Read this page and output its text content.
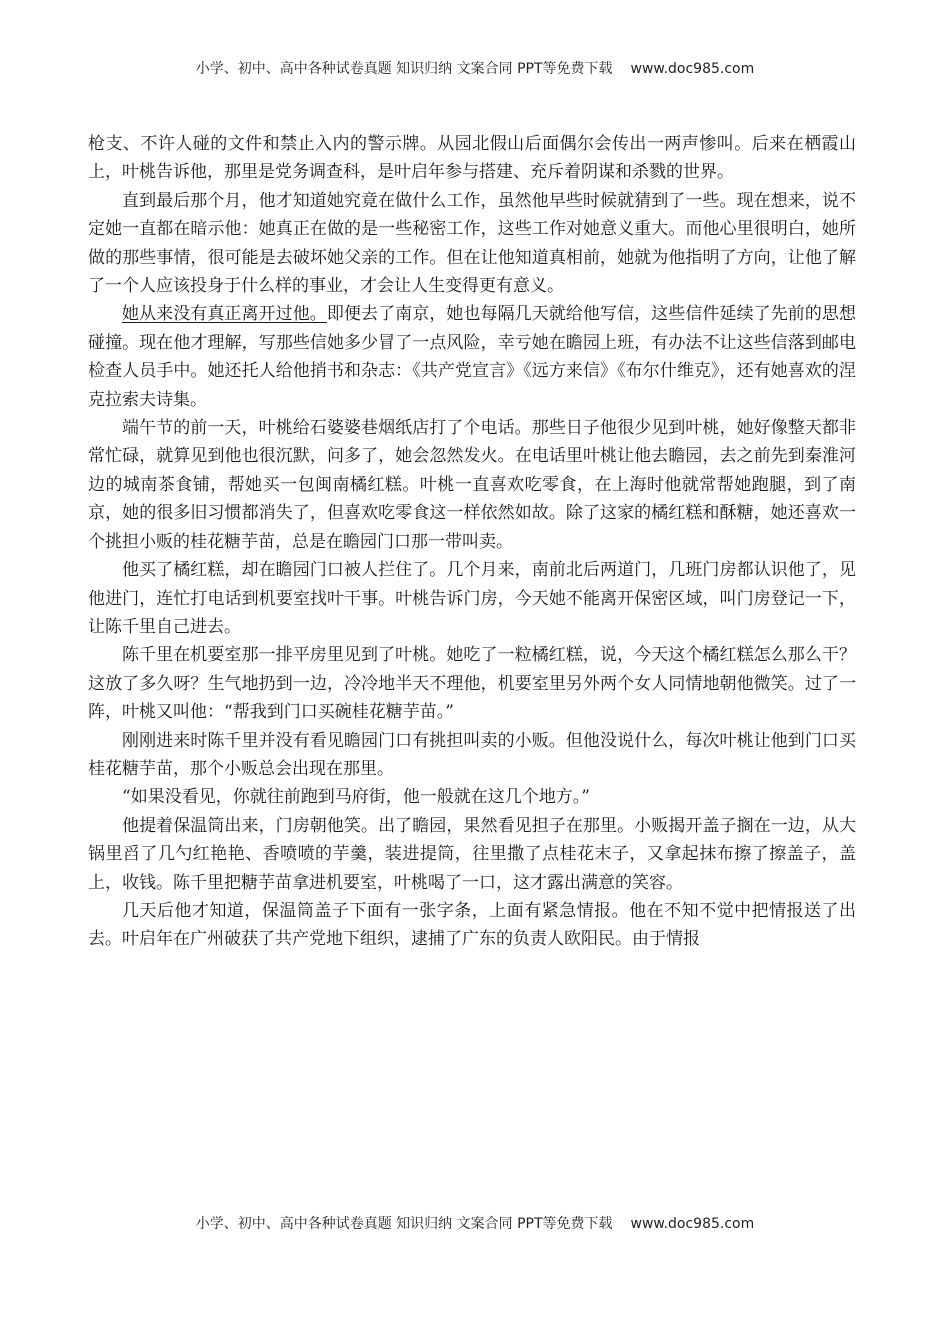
小学、初中、高中各种试卷真题 知识归纳 文案合同 PPT等免费下载 www.doc985.com

枪支、不许人碰的文件和禁止入内的警示牌。从园北假山后面偶尔会传出一两声惨叫。后来在栖霞山上，叶桃告诉他，那里是党务调查科，是叶启年参与搭建、充斥着阴谋和杀戮的世界。

直到最后那个月，他才知道她究竟在做什么工作，虽然他早些时候就猜到了一些。现在想来，说不定她一直都在暗示他：她真正在做的是一些秘密工作，这些工作对她意义重大。而他心里很明白，她所做的那些事情，很可能是去破坏她父亲的工作。但在让他知道真相前，她就为他指明了方向，让他了解了一个人应该投身于什么样的事业，才会让人生变得更有意义。

她从来没有真正离开过他。即便去了南京，她也每隔几天就给他写信，这些信件延续了先前的思想碰撞。现在他才理解，写那些信她多少冒了一点风险，幸亏她在瞻园上班，有办法不让这些信落到邮电检查人员手中。她还托人给他捎书和杂志：《共产党宣言》《远方来信》《布尔什维克》，还有她喜欢的涅克拉索夫诗集。

端午节的前一天，叶桃给石婆婆巷烟纸店打了个电话。那些日子他很少见到叶桃，她好像整天都非常忙碌，就算见到他也很沉默，问多了，她会忽然发火。在电话里叶桃让他去瞻园，去之前先到秦淮河边的城南茶食铺，帮她买一包闽南橘红糕。叶桃一直喜欢吃零食，在上海时他就常帮她跑腿，到了南京，她的很多旧习惯都消失了，但喜欢吃零食这一样依然如故。除了这家的橘红糕和酥糖，她还喜欢一个挑担小贩的桂花糖芋苗，总是在瞻园门口那一带叫卖。

他买了橘红糕，却在瞻园门口被人拦住了。几个月来，南前北后两道门，几班门房都认识他了，见他进门，连忙打电话到机要室找叶干事。叶桃告诉门房，今天她不能离开保密区域，叫门房登记一下，让陈千里自己进去。

陈千里在机要室那一排平房里见到了叶桃。她吃了一粒橘红糕，说，今天这个橘红糕怎么那么干？这放了多久呀？生气地扔到一边，冷冷地半天不理他，机要室里另外两个女人同情地朝他微笑。过了一阵，叶桃又叫他：“帮我到门口买碗桂花糖芋苗。”

刚刚进来时陈千里并没有看见瞻园门口有挑担叫卖的小贩。但他没说什么，每次叶桃让他到门口买桂花糖芋苗，那个小贩总会出现在那里。

“如果没看见，你就往前跑到马府街，他一般就在这几个地方。”

他提着保温筒出来，门房朝他笑。出了瞻园，果然看见担子在那里。小贩揭开盖子搁在一边，从大锅里舀了几勺红艳艳、香喷喷的芋羹，装进提筒，往里撒了点桂花末子，又拿起抹布擦了擦盖子，盖上，收钱。陈千里把糖芋苗拿进机要室，叶桃喝了一口，这才露出满意的笑容。

几天后他才知道，保温筒盖子下面有一张字条，上面有紧急情报。他在不知不觉中把情报送了出去。叶启年在广州破获了共产党地下组织，逮捕了广东的负责人欧阳民。由于情报

小学、初中、高中各种试卷真题 知识归纳 文案合同 PPT等免费下载 www.doc985.com
